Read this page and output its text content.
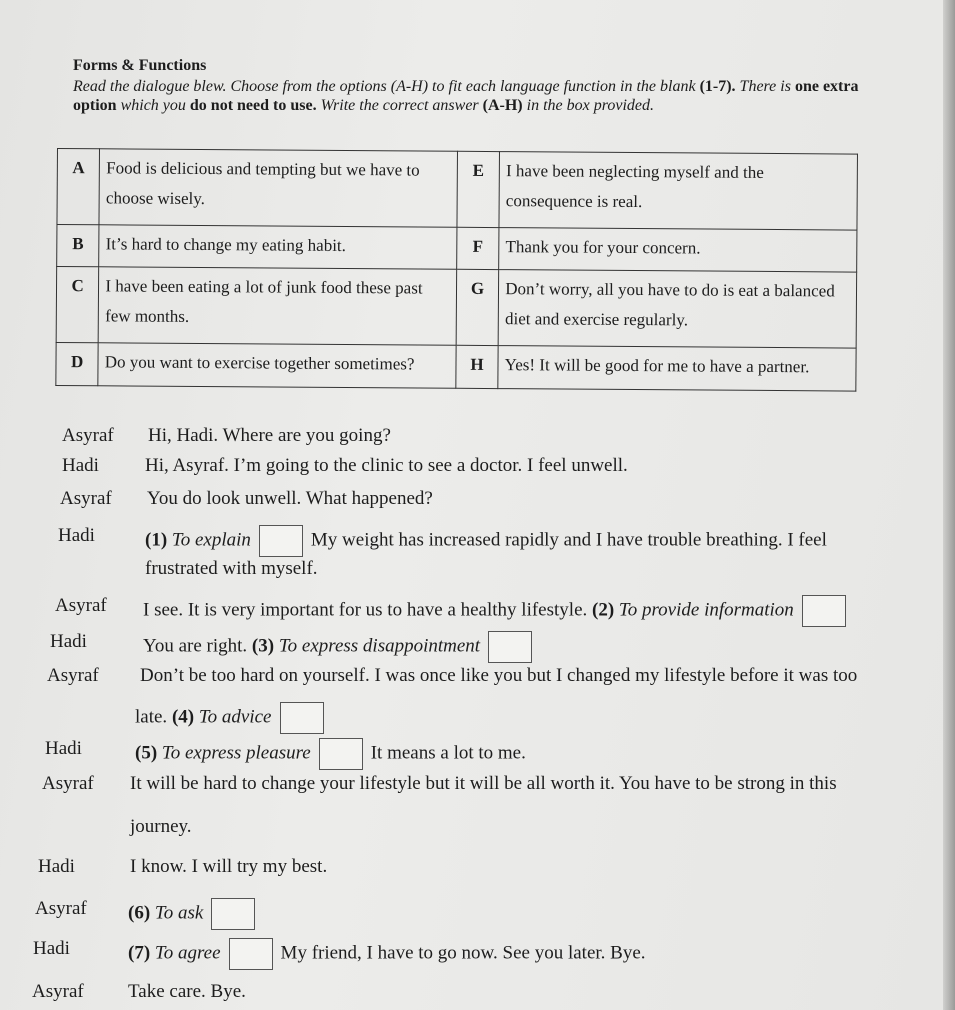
Forms & Functions
Read the dialogue blew. Choose from the options (A-H) to fit each language function in the blank (1-7). There is one extra option which you do not need to use. Write the correct answer (A-H) in the box provided.
A	Food is delicious and tempting but we have to choose wisely.	E	I have been neglecting myself and the consequence is real.
B	It’s hard to change my eating habit.	F	Thank you for your concern.
C	I have been eating a lot of junk food these past few months.	G	Don’t worry, all you have to do is eat a balanced diet and exercise regularly.
D	Do you want to exercise together sometimes?	H	Yes! It will be good for me to have a partner.
Asyraf Hi, Hadi. Where are you going?
Hadi Hi, Asyraf. I’m going to the clinic to see a doctor. I feel unwell.
Asyraf You do look unwell. What happened?
Hadi	(1) To explain	My weight has increased rapidly and I have trouble breathing. I feel
frustrated with myself.
Asyraf I see. It is very important for us to have a healthy lifestyle. (2) To provide information
Hadi	You are right. (3) To express disappointment
Asyraf Don’t be too hard on yourself. I was once like you but I changed my lifestyle before it was too
late. (4) To advice
Hadi	(5) To express pleasure	It means a lot to me.
Asyraf It will be hard to change your lifestyle but it will be all worth it. You have to be strong in this
journey.
Hadi	I know. I will try my best.
Asyraf (6) To ask
Hadi	(7) To agree	My friend, I have to go now. See you later. Bye.
Asyraf Take care. Bye.
